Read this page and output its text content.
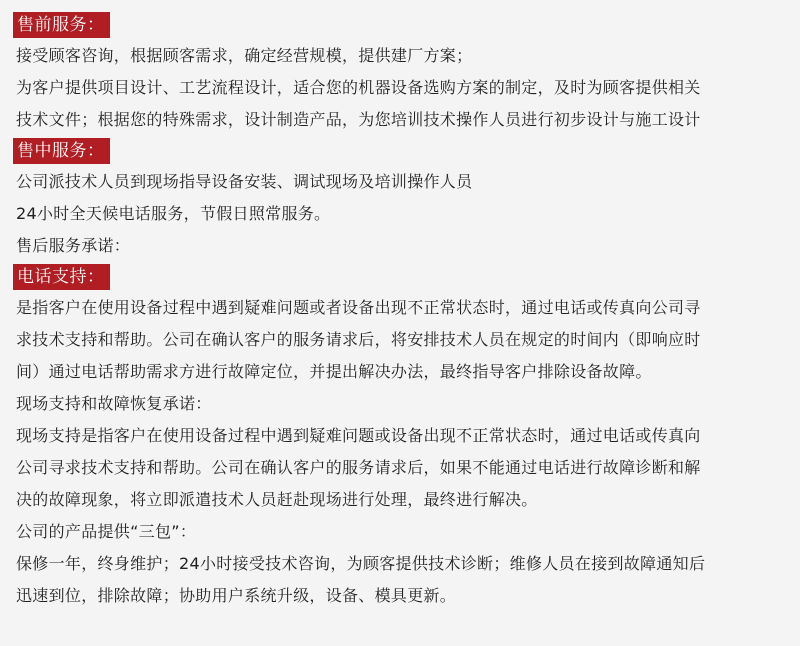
售前服务：
接受顾客咨询，根据顾客需求，确定经营规模，提供建厂方案；
为客户提供项目设计、工艺流程设计，适合您的机器设备选购方案的制定，及时为顾客提供相关
技术文件；根据您的特殊需求，设计制造产品，为您培训技术操作人员进行初步设计与施工设计
售中服务：
公司派技术人员到现场指导设备安装、调试现场及培训操作人员
24小时全天候电话服务，节假日照常服务。
售后服务承诺：
电话支持：
是指客户在使用设备过程中遇到疑难问题或者设备出现不正常状态时，通过电话或传真向公司寻
求技术支持和帮助。公司在确认客户的服务请求后，将安排技术人员在规定的时间内（即响应时
间）通过电话帮助需求方进行故障定位，并提出解决办法，最终指导客户排除设备故障。
现场支持和故障恢复承诺：
现场支持是指客户在使用设备过程中遇到疑难问题或设备出现不正常状态时，通过电话或传真向
公司寻求技术支持和帮助。公司在确认客户的服务请求后，如果不能通过电话进行故障诊断和解
决的故障现象，将立即派遣技术人员赶赴现场进行处理，最终进行解决。
公司的产品提供“三包”：
保修一年，终身维护；24小时接受技术咨询，为顾客提供技术诊断；维修人员在接到故障通知后
迅速到位，排除故障；协助用户系统升级，设备、模具更新。
